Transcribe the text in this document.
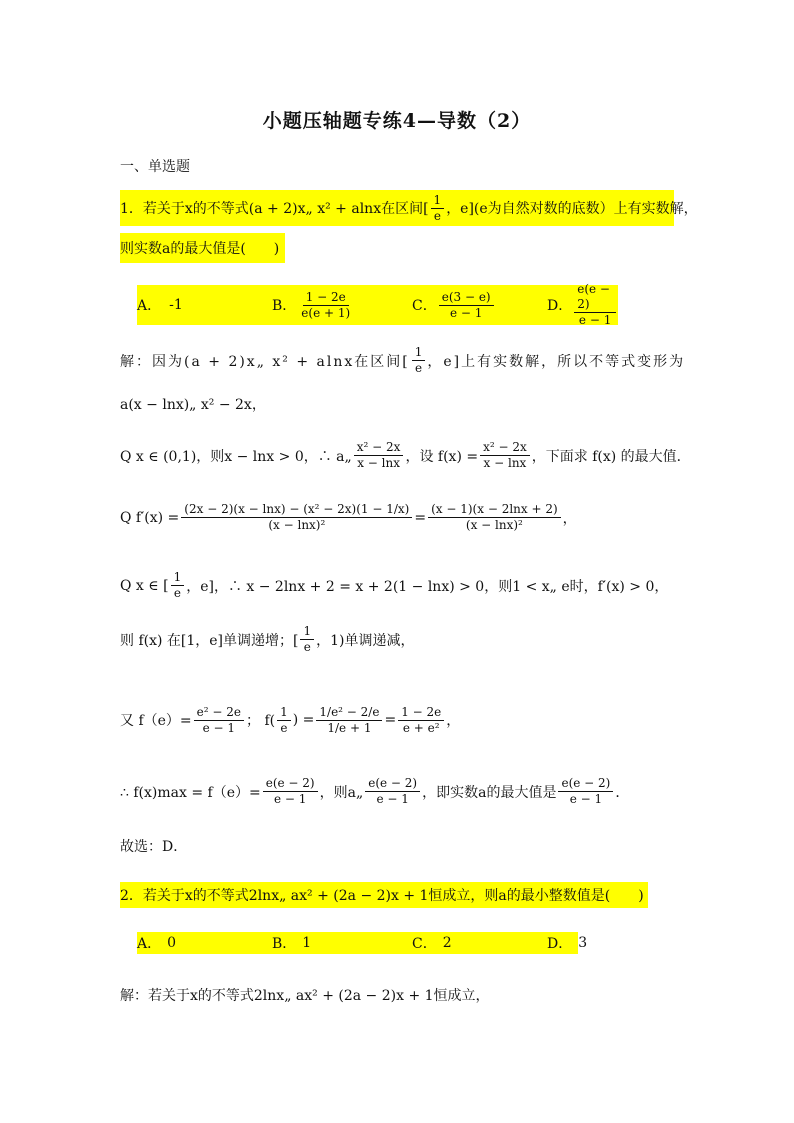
小题压轴题专练4—导数（2）
一、单选题
1．若关于x的不等式(a + 2)x„ x² + alnx在区间[ $\frac{1}{e}$ ，e](e为自然对数的底数）上有实数解，
则实数a的最大值是(　　)
A． -1	B． $\frac{1 - 2e}{e(e + 1)}$	C． $\frac{e(3 - e)}{e - 1}$	D． $\frac{e(e - 2)}{e - 1}$
解：因为(a + 2)x„ x² + alnx在区间[ $\frac{1}{e}$ ，e]上有实数解，所以不等式变形为
a(x − lnx)„ x² − 2x，
Q x ∈ (0,1)，则x − lnx > 0，∴ a„ $\frac{\text{x² − 2x}}{x - \ln x}$ ，设 $f(x) = \frac{\text{x² − 2x}}{x - \ln x}$ ，下面求 f(x) 的最大值．
Q $f'(x) = \frac{\text{(2x − 2)(x − lnx) − (x² − 2x)(1 − 1/x)}}{\text{(x − lnx)²}} = \frac{(x - 1)(x - 2\ln x + 2)}{\text{(x − lnx)²}}$ ，
Q x ∈ [ $\frac{1}{e}$ ，e]，∴ x − 2lnx + 2 = x + 2(1 − lnx) > 0，则1 < x„ e时，f′(x) > 0，
则 f(x) 在[1，e]单调递增；[ $\frac{1}{e}$ ，1)单调递减，
又 $f(e)= \frac{\text{e² − 2e}}{e - 1}$ ； $f( \frac{1}{e}$ ) = $\frac{\text{1/e² − 2/e}}{1/e + 1} = \frac{1 - 2e}{\text{e + e²}}$ ，
∴ $f(x)\max = f(e)= \frac{e(e - 2)}{e - 1}$ ，则a„ $\frac{e(e - 2)}{e - 1}$ ，即实数a的最大值是 $\frac{e(e - 2)}{e - 1}$ ．
故选：D．
2．若关于x的不等式2lnx„ ax² + (2a − 2)x + 1恒成立，则a的最小整数值是(　　)
A． 0	B． 1	C． 2	D． 3
解：若关于x的不等式2lnx„ ax² + (2a − 2)x + 1恒成立，
